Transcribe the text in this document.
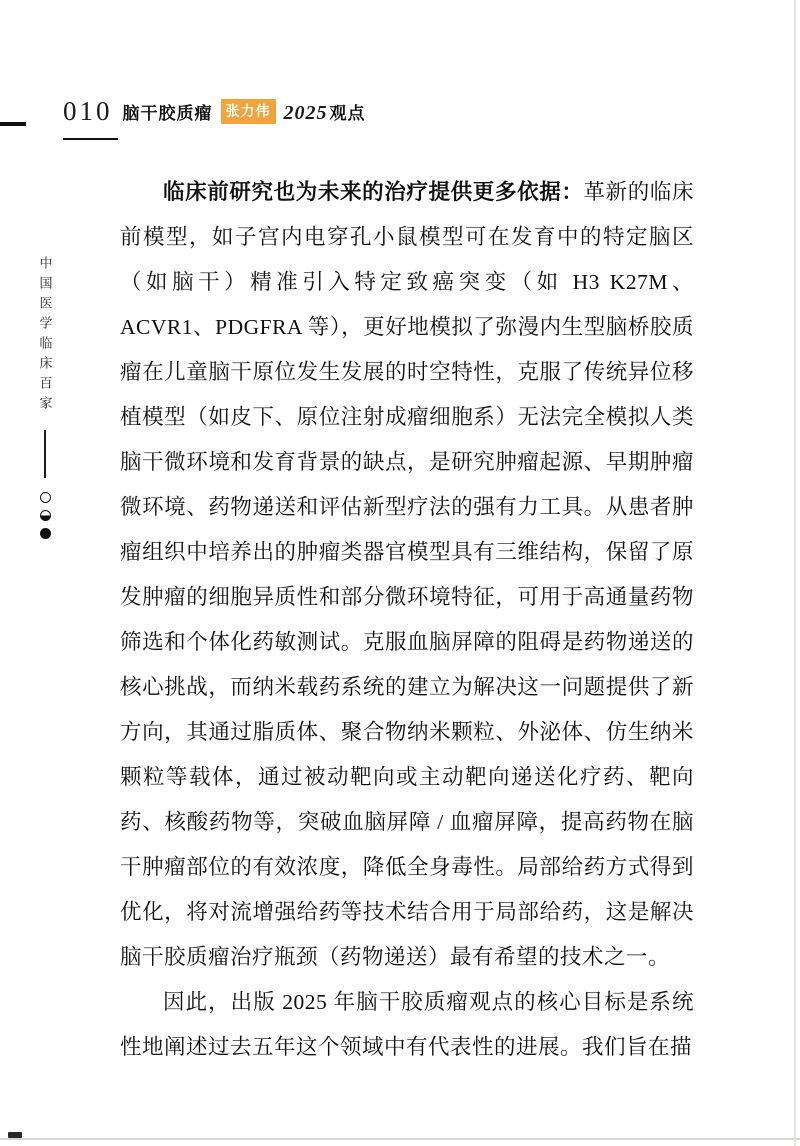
010 脑干胶质瘤 张力伟 2025 观点
中国医学临床百家

临床前研究也为未来的治疗提供更多依据：革新的临床前模型，如子宫内电穿孔小鼠模型可在发育中的特定脑区（如脑干）精准引入特定致癌突变（如 H3 K27M、ACVR1、PDGFRA 等），更好地模拟了弥漫内生型脑桥胶质瘤在儿童脑干原位发生发展的时空特性，克服了传统异位移植模型（如皮下、原位注射成瘤细胞系）无法完全模拟人类脑干微环境和发育背景的缺点，是研究肿瘤起源、早期肿瘤微环境、药物递送和评估新型疗法的强有力工具。从患者肿瘤组织中培养出的肿瘤类器官模型具有三维结构，保留了原发肿瘤的细胞异质性和部分微环境特征，可用于高通量药物筛选和个体化药敏测试。克服血脑屏障的阻碍是药物递送的核心挑战，而纳米载药系统的建立为解决这一问题提供了新方向，其通过脂质体、聚合物纳米颗粒、外泌体、仿生纳米颗粒等载体，通过被动靶向或主动靶向递送化疗药、靶向药、核酸药物等，突破血脑屏障 / 血瘤屏障，提高药物在脑干肿瘤部位的有效浓度，降低全身毒性。局部给药方式得到优化，将对流增强给药等技术结合用于局部给药，这是解决脑干胶质瘤治疗瓶颈（药物递送）最有希望的技术之一。

因此，出版 2025 年脑干胶质瘤观点的核心目标是系统性地阐述过去五年这个领域中有代表性的进展。我们旨在描
